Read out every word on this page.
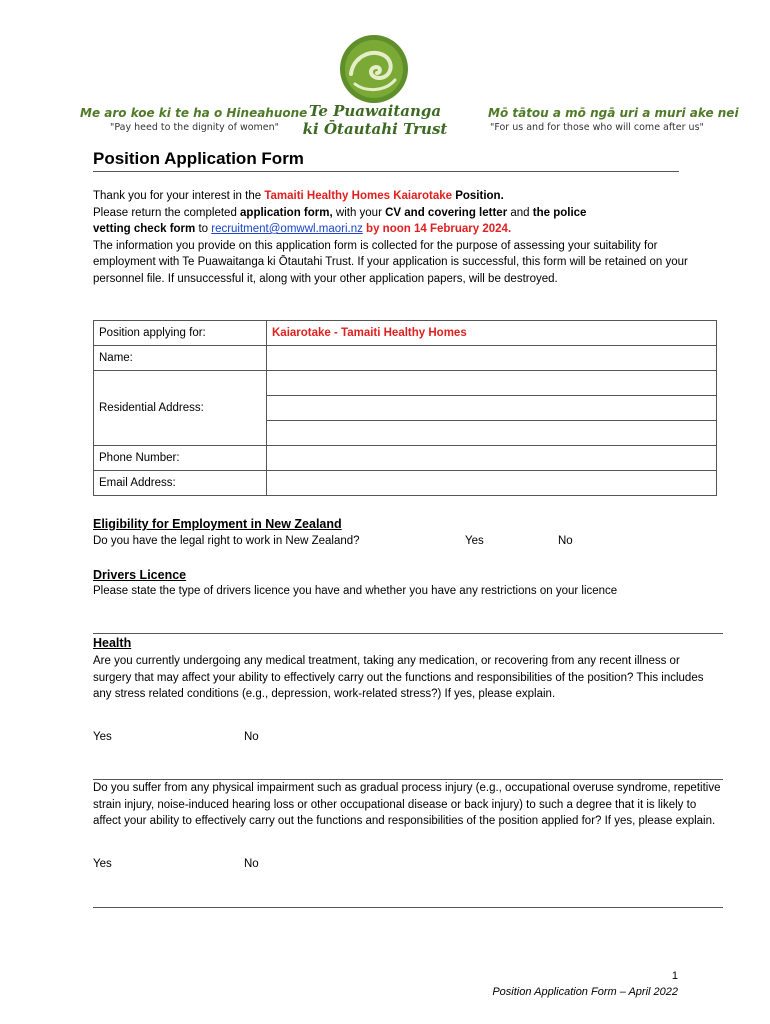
Me aro koe ki te ha o Hineahuone
"Pay heed to the dignity of women"
Te Puawaitanga
ki Ōtautahi Trust
Mō tātou a mō ngā uri a muri ake nei
"For us and for those who will come after us"
Position Application Form
Thank you for your interest in the Tamaiti Healthy Homes Kaiarotake Position.
Please return the completed application form, with your CV and covering letter and the police
vetting check form to recruitment@omwwl.maori.nz by noon 14 February 2024.
The information you provide on this application form is collected for the purpose of assessing your suitability for employment with Te Puawaitanga ki Ōtautahi Trust. If your application is successful, this form will be retained on your personnel file. If unsuccessful it, along with your other application papers, will be destroyed.
Position applying for:	Kaiarotake - Tamaiti Healthy Homes
Name:	
Residential Address:	

Phone Number:	
Email Address:	
Eligibility for Employment in New Zealand
Do you have the legal right to work in New Zealand?	Yes	No
Drivers Licence
Please state the type of drivers licence you have and whether you have any restrictions on your licence
Health
Are you currently undergoing any medical treatment, taking any medication, or recovering from any recent illness or surgery that may affect your ability to effectively carry out the functions and responsibilities of the position? This includes any stress related conditions (e.g., depression, work-related stress?) If yes, please explain.
Yes	No
Do you suffer from any physical impairment such as gradual process injury (e.g., occupational overuse syndrome, repetitive strain injury, noise-induced hearing loss or other occupational disease or back injury) to such a degree that it is likely to affect your ability to effectively carry out the functions and responsibilities of the position applied for? If yes, please explain.
Yes	No
1
Position Application Form – April 2022
